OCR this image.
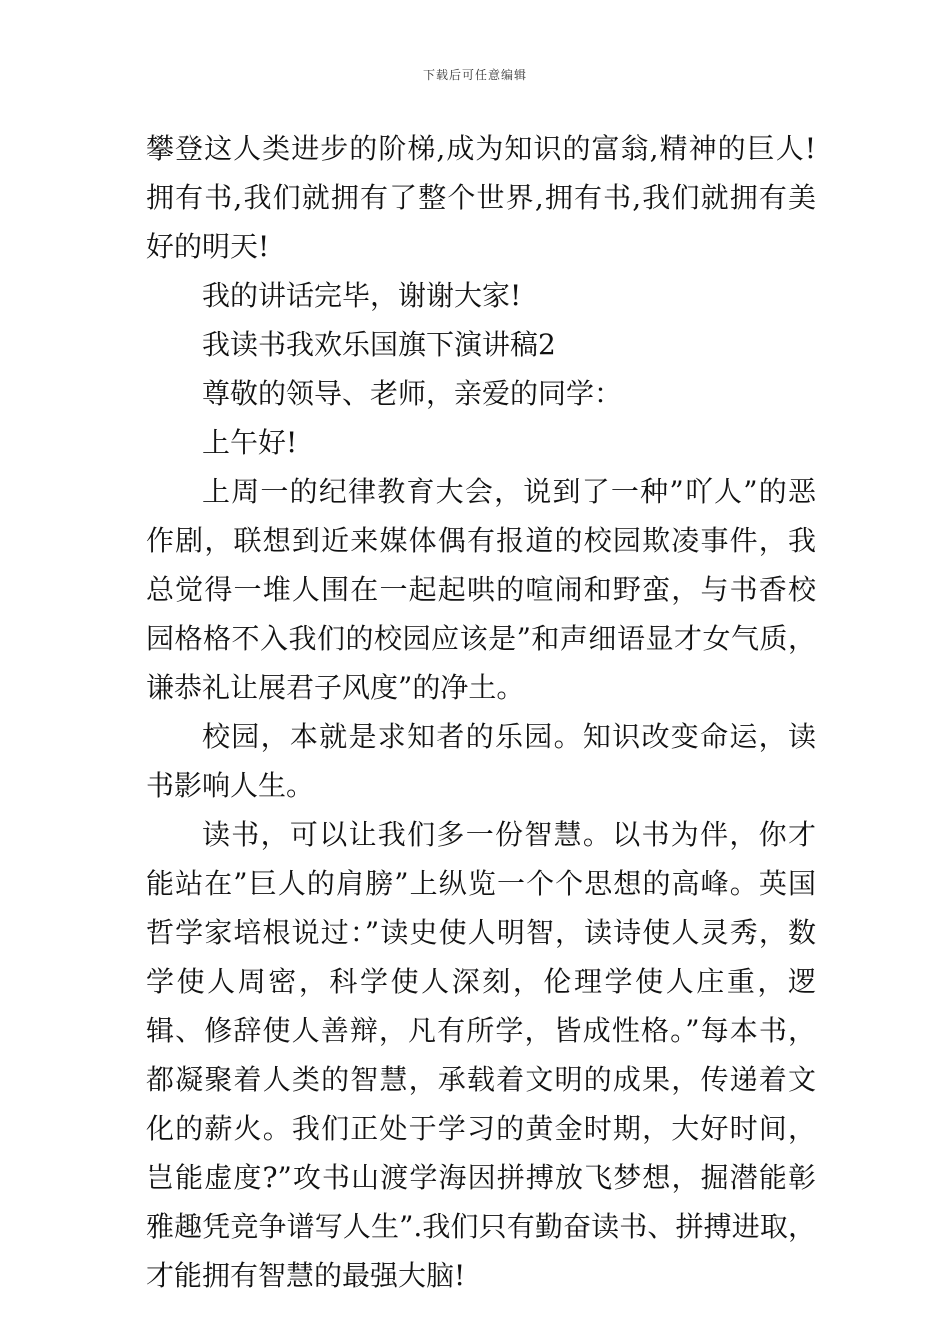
下载后可任意编辑

攀登这人类进步的阶梯,成为知识的富翁,精神的巨人!拥有书,我们就拥有了整个世界,拥有书,我们就拥有美好的明天!

我的讲话完毕，谢谢大家!

我读书我欢乐国旗下演讲稿2

尊敬的领导、老师，亲爱的同学：

上午好!

上周一的纪律教育大会，说到了一种”吖人”的恶作剧，联想到近来媒体偶有报道的校园欺凌事件，我总觉得一堆人围在一起起哄的喧闹和野蛮，与书香校园格格不入我们的校园应该是”和声细语显才女气质，谦恭礼让展君子风度”的净土。

校园，本就是求知者的乐园。知识改变命运，读书影响人生。

读书，可以让我们多一份智慧。以书为伴，你才能站在”巨人的肩膀”上纵览一个个思想的高峰。英国哲学家培根说过：”读史使人明智，读诗使人灵秀，数学使人周密，科学使人深刻，伦理学使人庄重，逻辑、修辞使人善辩，凡有所学，皆成性格。”每本书，都凝聚着人类的智慧，承载着文明的成果，传递着文化的薪火。我们正处于学习的黄金时期，大好时间，岂能虚度?”攻书山渡学海因拼搏放飞梦想，掘潜能彰雅趣凭竞争谱写人生”.我们只有勤奋读书、拼搏进取，才能拥有智慧的最强大脑!
